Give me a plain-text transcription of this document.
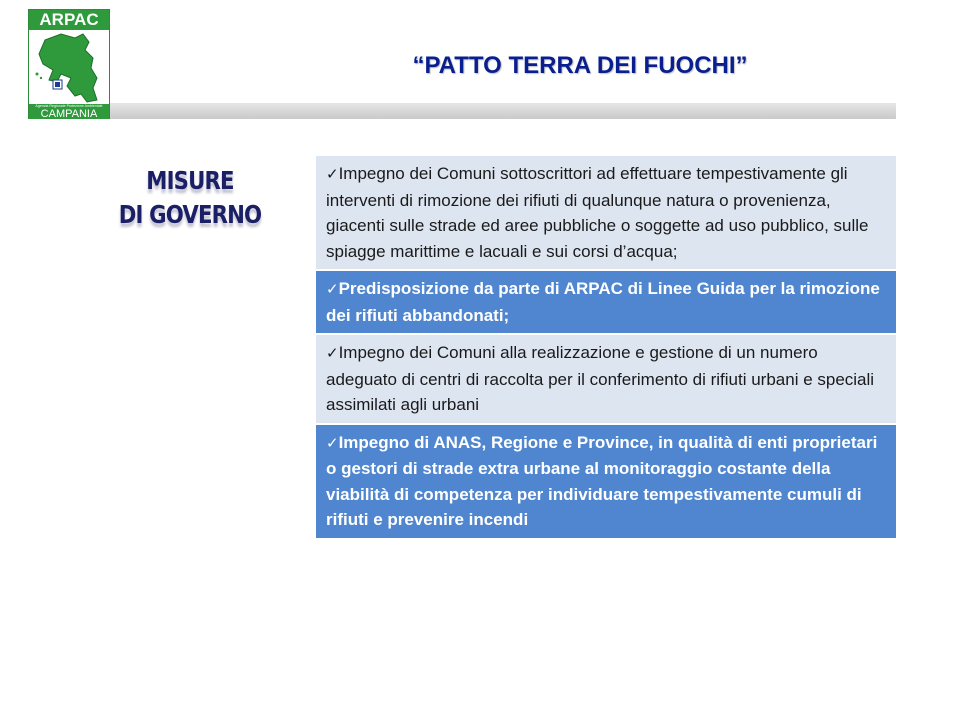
ARPAC
Agenzia Regionale Protezione Ambientale
CAMPANIA
“PATTO TERRA DEI FUOCHI”
MISURE
DI GOVERNO
✓Impegno dei Comuni sottoscrittori ad effettuare tempestivamente gli interventi di rimozione dei rifiuti di qualunque natura o provenienza, giacenti sulle strade ed aree pubbliche o soggette ad uso pubblico, sulle spiagge marittime e lacuali e sui corsi d’acqua;
✓Predisposizione da parte di ARPAC di Linee Guida per la rimozione dei rifiuti abbandonati;
✓Impegno dei Comuni alla realizzazione e gestione di un numero adeguato di centri di raccolta per il conferimento di rifiuti urbani e speciali assimilati agli urbani
✓Impegno di ANAS, Regione e Province, in qualità di enti proprietari o gestori di strade extra urbane al monitoraggio costante della viabilità di competenza per individuare tempestivamente cumuli di rifiuti e prevenire incendi
